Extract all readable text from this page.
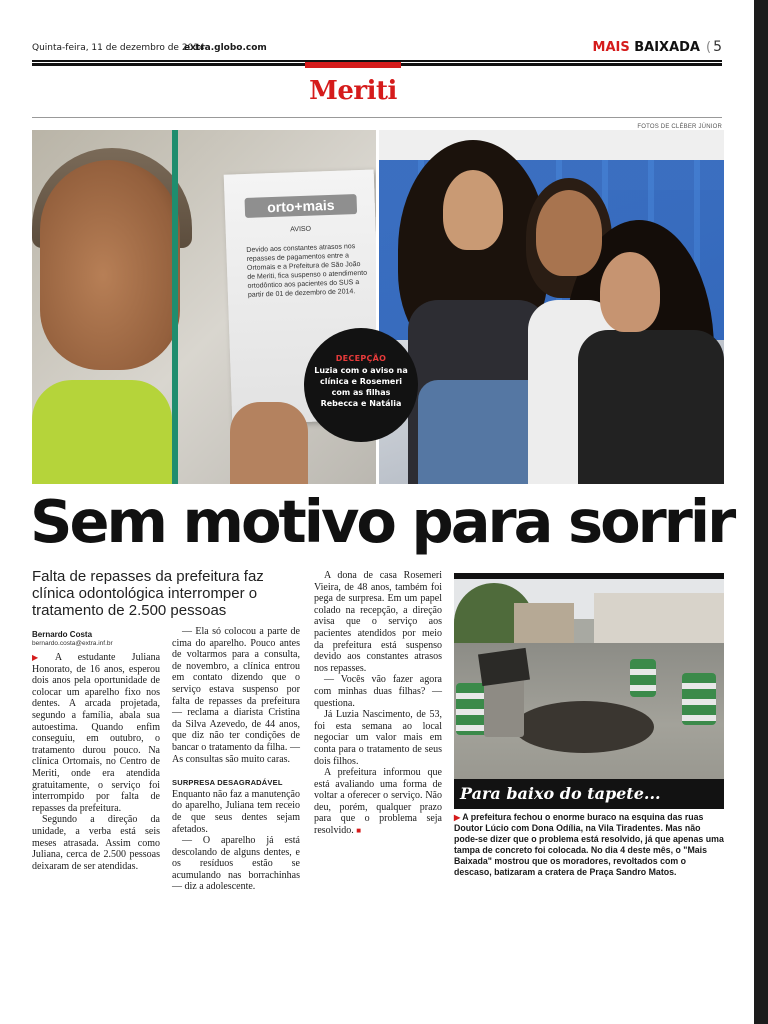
Quinta-feira, 11 de dezembro de 2014
extra.globo.com	MAIS BAIXADA ( 5
Meriti
FOTOS DE CLÉBER JÚNIOR
orto+mais
AVISO
Devido aos constantes atrasos nos repasses de pagamentos entre a Ortomais e a Prefeitura de São João de Meriti, fica suspenso o atendimento ortodôntico aos pacientes do SUS a partir de 01 de dezembro de 2014.
DECEPÇÃO
Luzia com o aviso na clínica e Rosemeri com as filhas Rebecca e Natália
Sem motivo para sorrir
Falta de repasses da prefeitura faz clínica odontológica interromper o tratamento de 2.500 pessoas
Bernardo Costa
bernardo.costa@extra.inf.br

▶ A estudante Juliana Honorato, de 16 anos, esperou dois anos pela oportunidade de colocar um aparelho fixo nos dentes. A arcada projetada, segundo a família, abala sua autoestima. Quando enfim conseguiu, em outubro, o tratamento durou pouco. Na clínica Ortomais, no Centro de Meriti, onde era atendida gratuitamente, o serviço foi interrompido por falta de repasses da prefeitura.

Segundo a direção da unidade, a verba está seis meses atrasada. Assim como Juliana, cerca de 2.500 pessoas deixaram de ser atendidas.

— Ela só colocou a parte de cima do aparelho. Pouco antes de voltarmos para a consulta, de novembro, a clínica entrou em contato dizendo que o serviço estava suspenso por falta de repasses da prefeitura — reclama a diarista Cristina da Silva Azevedo, de 44 anos, que diz não ter condições de bancar o tratamento da filha. — As consultas são muito caras.

SURPRESA DESAGRADÁVEL

Enquanto não faz a manutenção do aparelho, Juliana tem receio de que seus dentes sejam afetados.

— O aparelho já está descolando de alguns dentes, e os resíduos estão se acumulando nas borrachinhas — diz a adolescente.

A dona de casa Rosemeri Vieira, de 48 anos, também foi pega de surpresa. Em um papel colado na recepção, a direção avisa que o serviço aos pacientes atendidos por meio da prefeitura está suspenso devido aos constantes atrasos nos repasses.

— Vocês vão fazer agora com minhas duas filhas? — questiona.

Já Luzia Nascimento, de 53, foi esta semana ao local negociar um valor mais em conta para o tratamento de seus dois filhos.

A prefeitura informou que está avaliando uma forma de voltar a oferecer o serviço. Não deu, porém, qualquer prazo para que o problema seja resolvido. ■

Para baixo do tapete...
▶ A prefeitura fechou o enorme buraco na esquina das ruas Doutor Lúcio com Dona Odília, na Vila Tiradentes. Mas não pode-se dizer que o problema está resolvido, já que apenas uma tampa de concreto foi colocada. No dia 4 deste mês, o "Mais Baixada" mostrou que os moradores, revoltados com o descaso, batizaram a cratera de Praça Sandro Matos.
